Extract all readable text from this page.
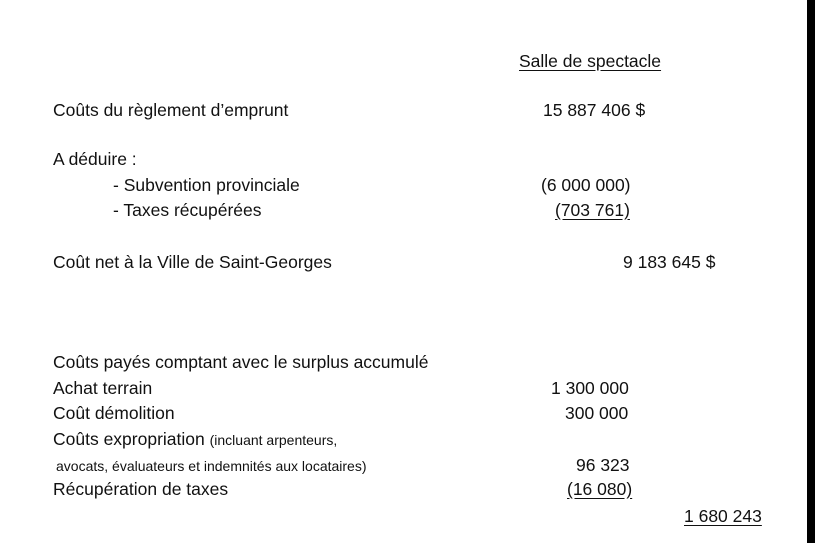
Salle de spectacle
Coûts du règlement d’emprunt	15 887 406 $
A déduire :
- Subvention provinciale	(6 000 000)
- Taxes récupérées	(703 761)
Coût net à la Ville de Saint-Georges	9 183 645 $
Coûts payés comptant avec le surplus accumulé
Achat terrain	1 300 000
Coût démolition	300 000
Coûts expropriation (incluant arpenteurs,
avocats, évaluateurs et indemnités aux locataires)	96 323
Récupération de taxes	(16 080)
1 680 243
